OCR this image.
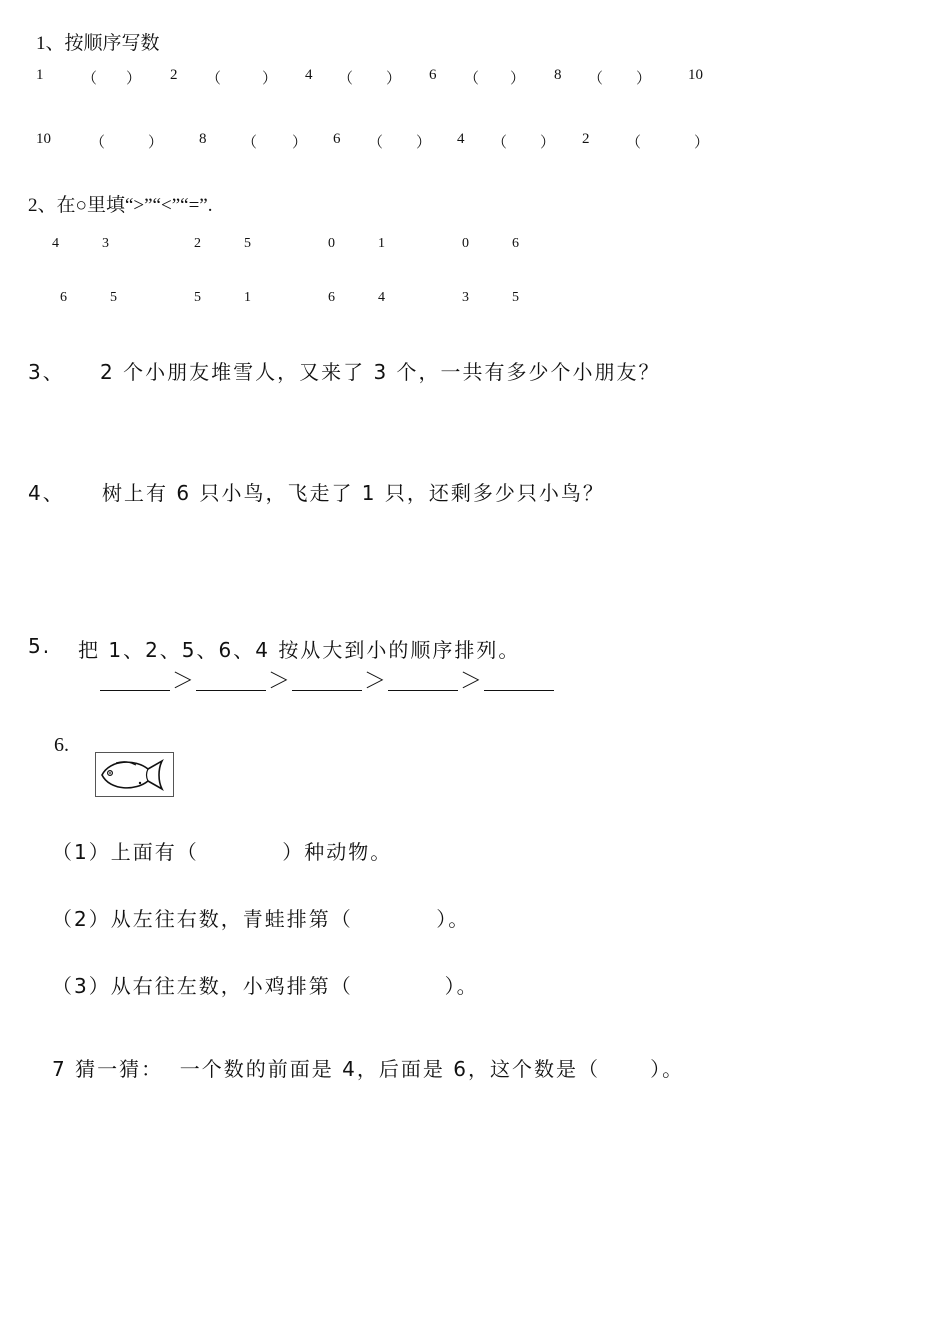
1、按顺序写数
1	（ ） 2 （	） 4 （ ） 6 （ ） 8 （ ） 10
10	（	） 8 （ ） 6 （ ） 4 （ ） 2 （	）
2、在○里填“>”“<”“=”.
4	3	2	5	0	1	0	6
6	5	5	1	6	4	3	5
3、 2 个小朋友堆雪人，又来了 3 个，一共有多少个小朋友？
4、 树上有 6 只小鸟，飞走了 1 只，还剩多少只小鸟？
5. 把 1、2、5、6、4 按从大到小的顺序排列。
＞	＞	＞	＞
6.
（1）上面有（          ）种动物。
（2）从左往右数，青蛙排第（          ）。
（3）从右往左数，小鸡排第（           ）。
7 猜一猜：  一个数的前面是 4，后面是 6，这个数是（      ）。
